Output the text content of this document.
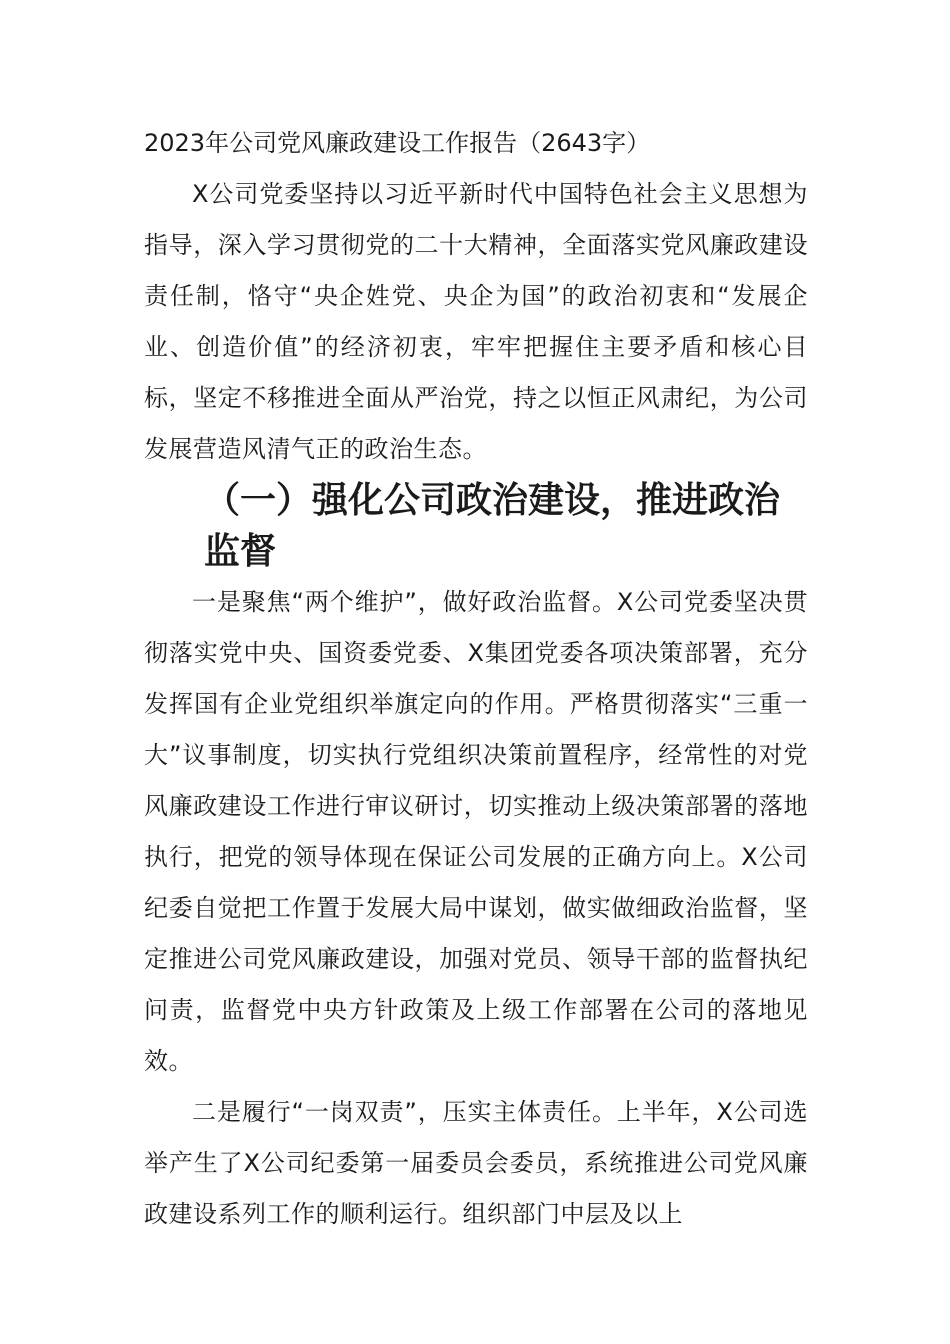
2023年公司党风廉政建设工作报告（2643字）

X公司党委坚持以习近平新时代中国特色社会主义思想为指导，深入学习贯彻党的二十大精神，全面落实党风廉政建设责任制，恪守“央企姓党、央企为国”的政治初衷和“发展企业、创造价值”的经济初衷，牢牢把握住主要矛盾和核心目标，坚定不移推进全面从严治党，持之以恒正风肃纪，为公司发展营造风清气正的政治生态。

（一）强化公司政治建设，推进政治监督

一是聚焦“两个维护”，做好政治监督。X公司党委坚决贯彻落实党中央、国资委党委、X集团党委各项决策部署，充分发挥国有企业党组织举旗定向的作用。严格贯彻落实“三重一大”议事制度，切实执行党组织决策前置程序，经常性的对党风廉政建设工作进行审议研讨，切实推动上级决策部署的落地执行，把党的领导体现在保证公司发展的正确方向上。X公司纪委自觉把工作置于发展大局中谋划，做实做细政治监督，坚定推进公司党风廉政建设，加强对党员、领导干部的监督执纪问责，监督党中央方针政策及上级工作部署在公司的落地见效。

二是履行“一岗双责”，压实主体责任。上半年，X公司选举产生了X公司纪委第一届委员会委员，系统推进公司党风廉政建设系列工作的顺利运行。组织部门中层及以上
